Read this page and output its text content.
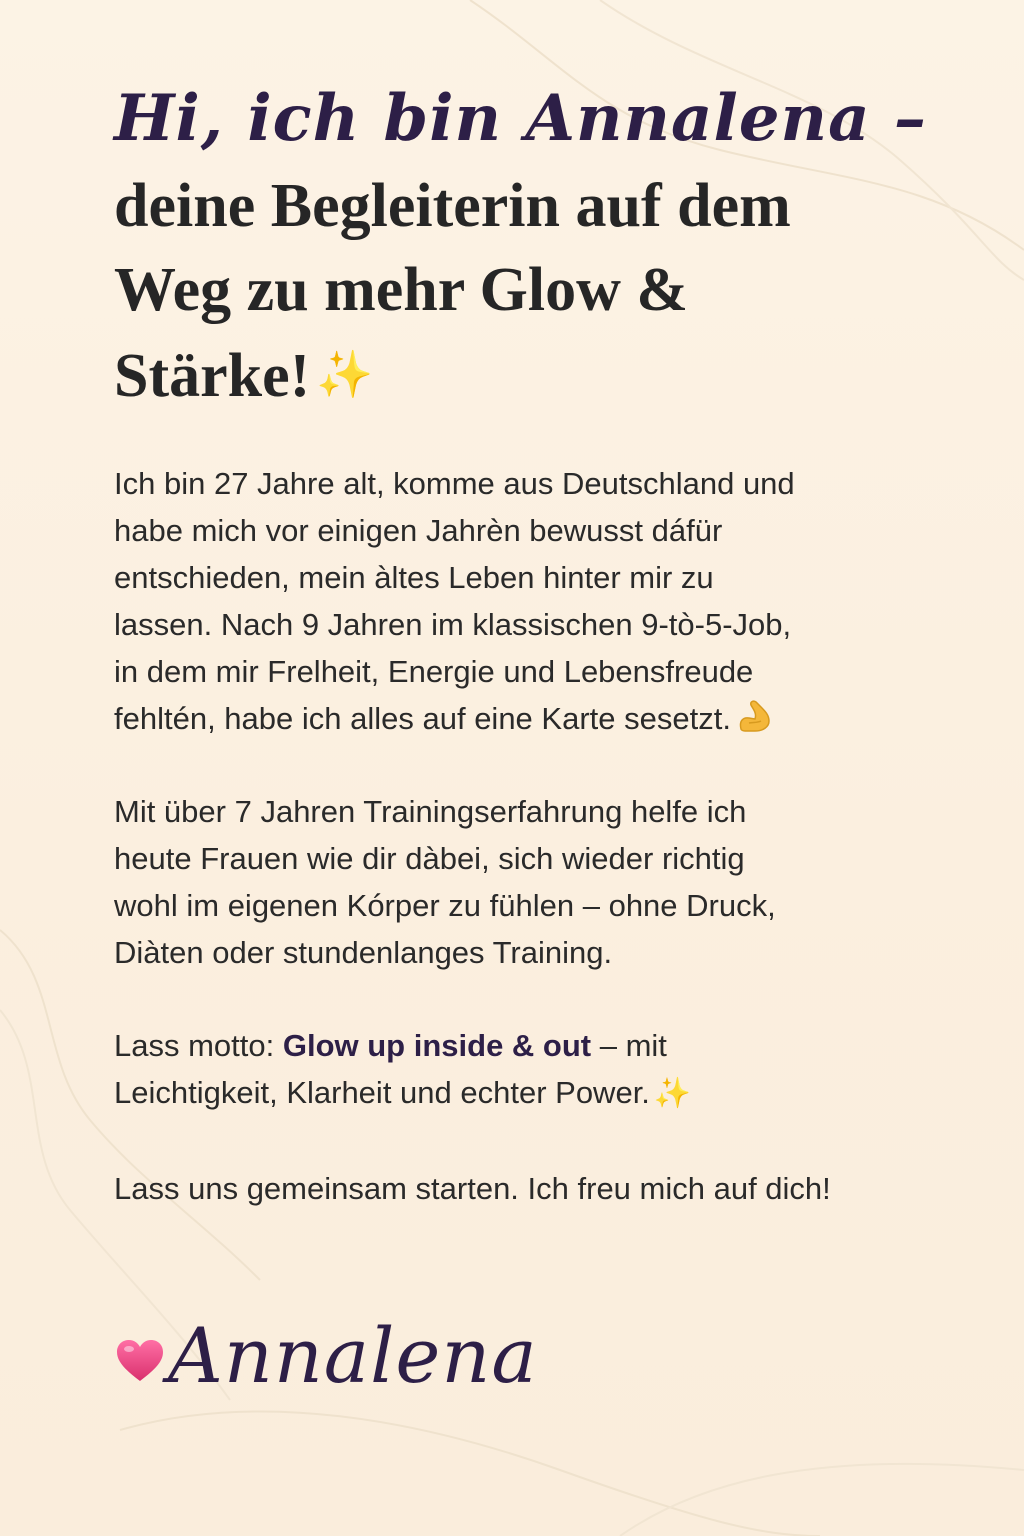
Hi, ich bin Annalena –
deine Begleiterin auf dem
Weg zu mehr Glow &
Stärke! ✨

Ich bin 27 Jahre alt, komme aus Deutschland und
habe mich vor einigen Jahrèn bewusst dáfür
entschieden, mein àltes Leben hinter mir zu
lassen. Nach 9 Jahren im klassischen 9-tò-5-Job,
in dem mir Frelheit, Energie und Lebensfreude
fehltén, habe ich alles auf eine Karte sesetzt.

Mit über 7 Jahren Trainingserfahrung helfe ich
heute Frauen wie dir dàbei, sich wieder richtig
wohl im eigenen Kórper zu fühlen – ohne Druck,
Diàten oder stundenlanges Training.

Lass motto: Glow up inside & out – mit
Leichtigkeit, Klarheit und echter Power. ✨

Lass uns gemeinsam starten. Ich freu mich auf dich!

Annalena
